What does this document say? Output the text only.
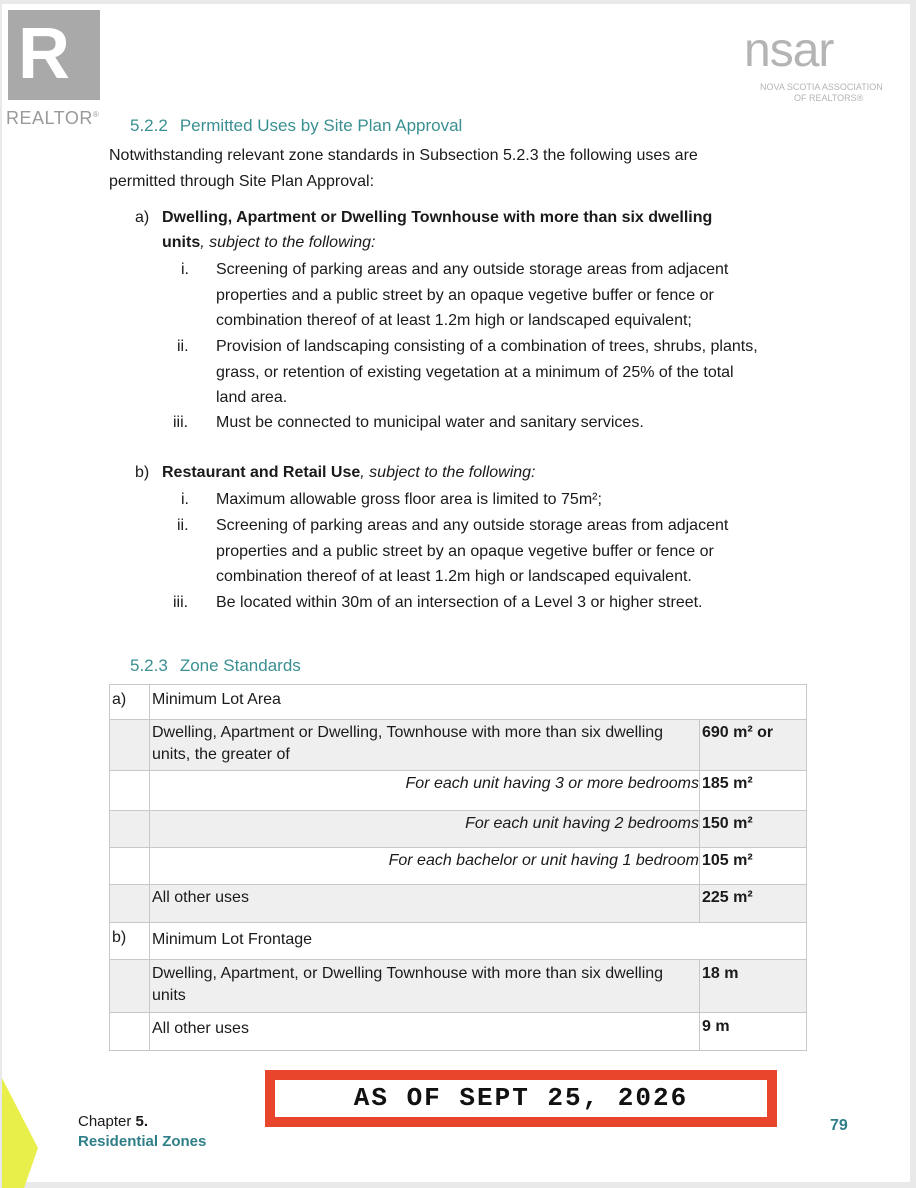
R
REALTOR®
nsar
NOVA SCOTIA ASSOCIATION
OF REALTORS®
5.2.2 Permitted Uses by Site Plan Approval
Notwithstanding relevant zone standards in Subsection 5.2.3 the following uses are
permitted through Site Plan Approval:
a) Dwelling, Apartment or Dwelling Townhouse with more than six dwelling
units, subject to the following:
i. Screening of parking areas and any outside storage areas from adjacent
properties and a public street by an opaque vegetive buffer or fence or
combination thereof of at least 1.2m high or landscaped equivalent;
ii. Provision of landscaping consisting of a combination of trees, shrubs, plants,
grass, or retention of existing vegetation at a minimum of 25% of the total
land area.
iii. Must be connected to municipal water and sanitary services.
b) Restaurant and Retail Use, subject to the following:
i. Maximum allowable gross floor area is limited to 75m²;
ii. Screening of parking areas and any outside storage areas from adjacent
properties and a public street by an opaque vegetive buffer or fence or
combination thereof of at least 1.2m high or landscaped equivalent.
iii. Be located within 30m of an intersection of a Level 3 or higher street.
5.2.3 Zone Standards
a)	Minimum Lot Area	
	Dwelling, Apartment or Dwelling, Townhouse with more than six dwelling units, the greater of	690 m² or
	For each unit having 3 or more bedrooms	185 m²
	For each unit having 2 bedrooms	150 m²
	For each bachelor or unit having 1 bedroom	105 m²
	All other uses	225 m²
b)	Minimum Lot Frontage	
	Dwelling, Apartment, or Dwelling Townhouse with more than six dwelling units	18 m
	All other uses	9 m
AS OF SEPT 25, 2026
Chapter 5.
Residential Zones
79
